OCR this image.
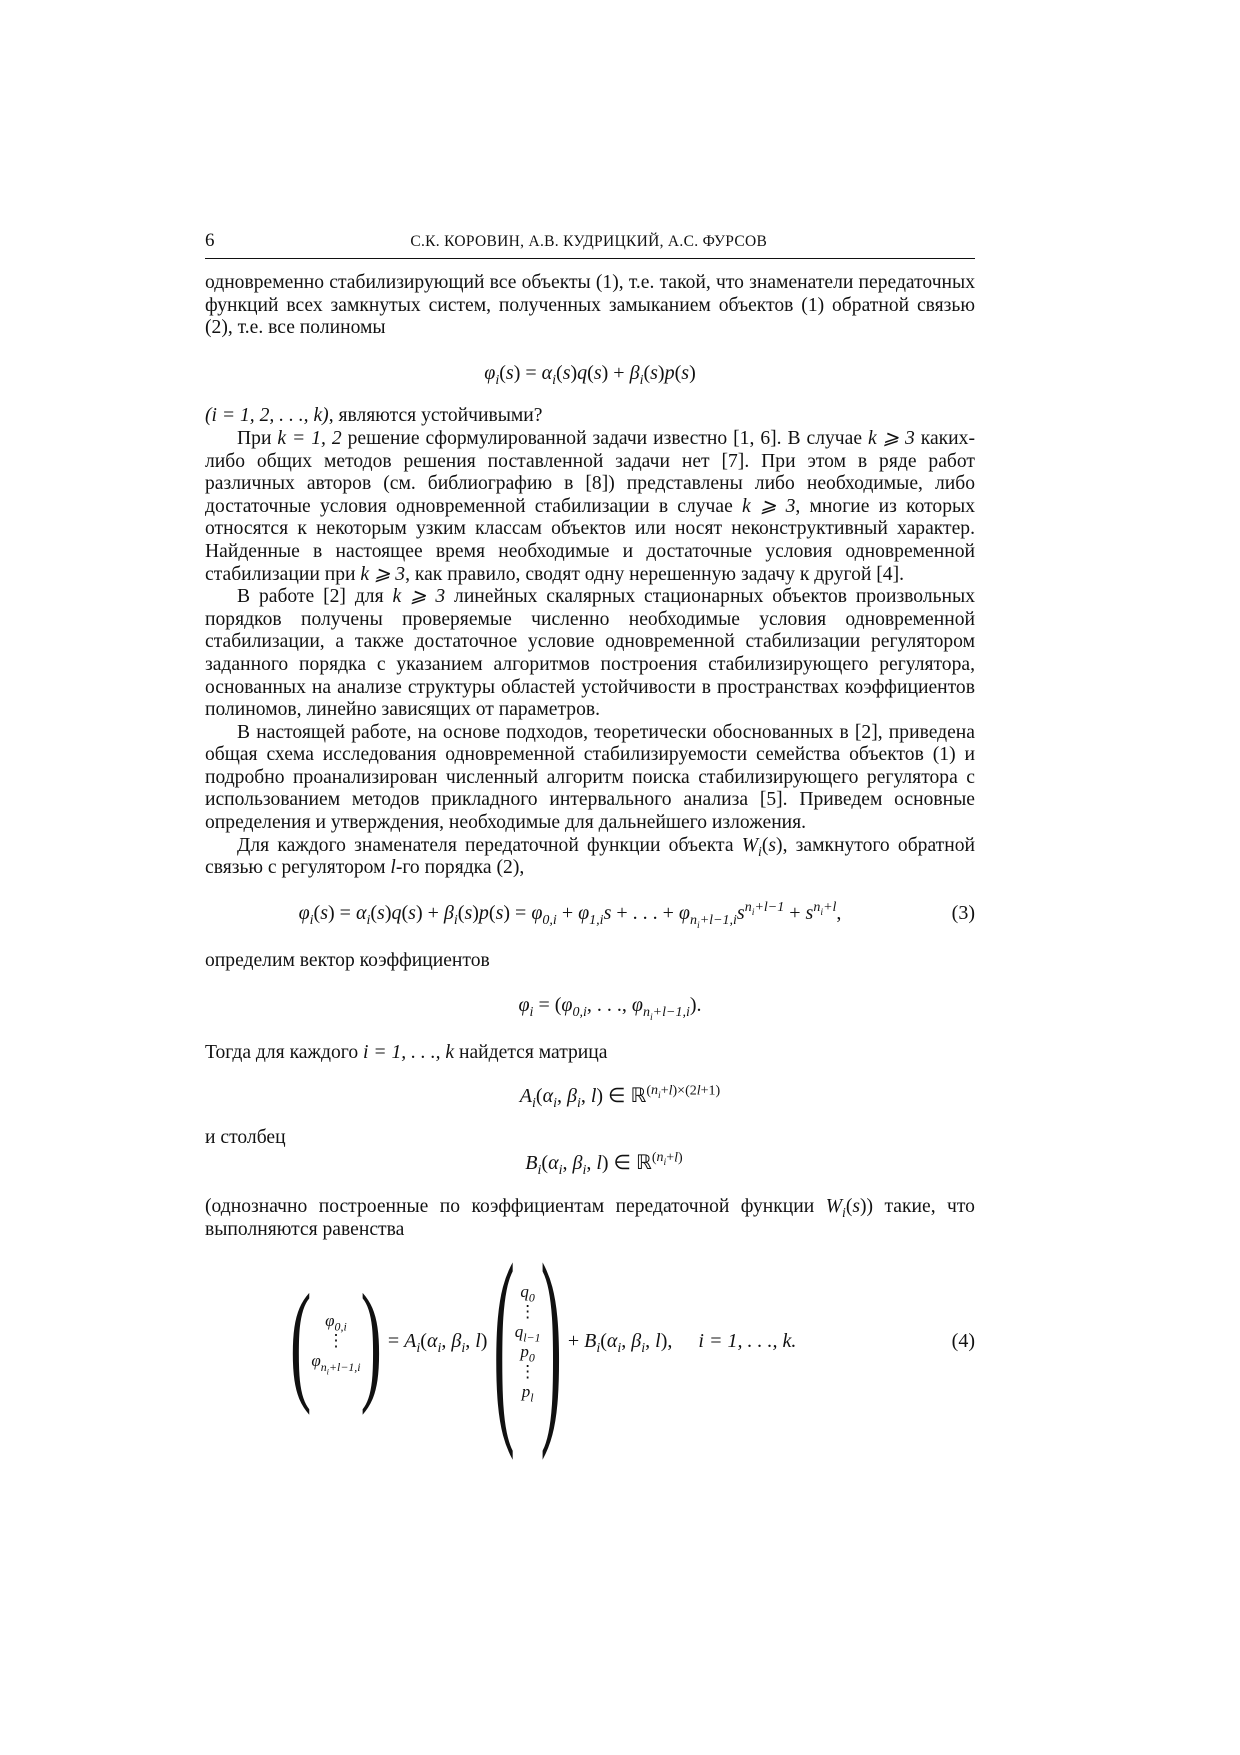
6	С.К. КОРОВИН, А.В. КУДРИЦКИЙ, А.С. ФУРСОВ

одновременно стабилизирующий все объекты (1), т.е. такой, что знаменатели передаточных функций всех замкнутых систем, полученных замыканием объектов (1) обратной связью (2), т.е. все полиномы

$\varphi_i(s) = \alpha_i(s)q(s) + \beta_i(s)p(s)$

(i = 1, 2, . . ., k), являются устойчивыми?

При k = 1, 2 решение сформулированной задачи известно [1, 6]. В случае k ⩾ 3 каких-либо общих методов решения поставленной задачи нет [7]. При этом в ряде работ различных авторов (см. библиографию в [8]) представлены либо необходимые, либо достаточные условия одновременной стабилизации в случае k ⩾ 3, многие из которых относятся к некоторым узким классам объектов или носят неконструктивный характер. Найденные в настоящее время необходимые и достаточные условия одновременной стабилизации при k ⩾ 3, как правило, сводят одну нерешенную задачу к другой [4].

В работе [2] для k ⩾ 3 линейных скалярных стационарных объектов произвольных порядков получены проверяемые численно необходимые условия одновременной стабилизации, а также достаточное условие одновременной стабилизации регулятором заданного порядка с указанием алгоритмов построения стабилизирующего регулятора, основанных на анализе структуры областей устойчивости в пространствах коэффициентов полиномов, линейно зависящих от параметров.

В настоящей работе, на основе подходов, теоретически обоснованных в [2], приведена общая схема исследования одновременной стабилизируемости семейства объектов (1) и подробно проанализирован численный алгоритм поиска стабилизирующего регулятора с использованием методов прикладного интервального анализа [5]. Приведем основные определения и утверждения, необходимые для дальнейшего изложения.

Для каждого знаменателя передаточной функции объекта $W_i(s)$, замкнутого обратной связью с регулятором l-го порядка (2),

$\varphi_i(s) = \alpha_i(s)q(s) + \beta_i(s)p(s) = \varphi_{0,i} + \varphi_{1,i}s$ + . . . + $\varphi_{n_i+l-1,i}s^{n_i+l-1} + s^{n_i+l}$,	(3)

определим вектор коэффициентов

$\varphi_i = (\varphi_{0,i}$, . . ., $\varphi_{n_i+l-1,i}$).

Тогда для каждого i = 1, . . ., k найдется матрица

$A_i(\alpha_i$, $\beta_i$, l) ∈ ℝ$^{(n_i+l)\times(2l+1)}$

и столбец

$B_i(\alpha_i$, $\beta_i$, l) ∈ ℝ$^{(n_i+l)}$

(однозначно построенные по коэффициентам передаточной функции $W_i(s)$) такие, что выполняются равенства

( $\varphi_{0,i}$
⋮
$\varphi_{n_i+l-1,i}$ ) = $A_i(\alpha_i$, $\beta_i$, l) ( $q_0$
⋮
$q_{l-1}$
$p_0$
⋮
$p_l$ ) + $B_i(\alpha_i$, $\beta_i$, l), i = 1, . . ., k.	(4)
